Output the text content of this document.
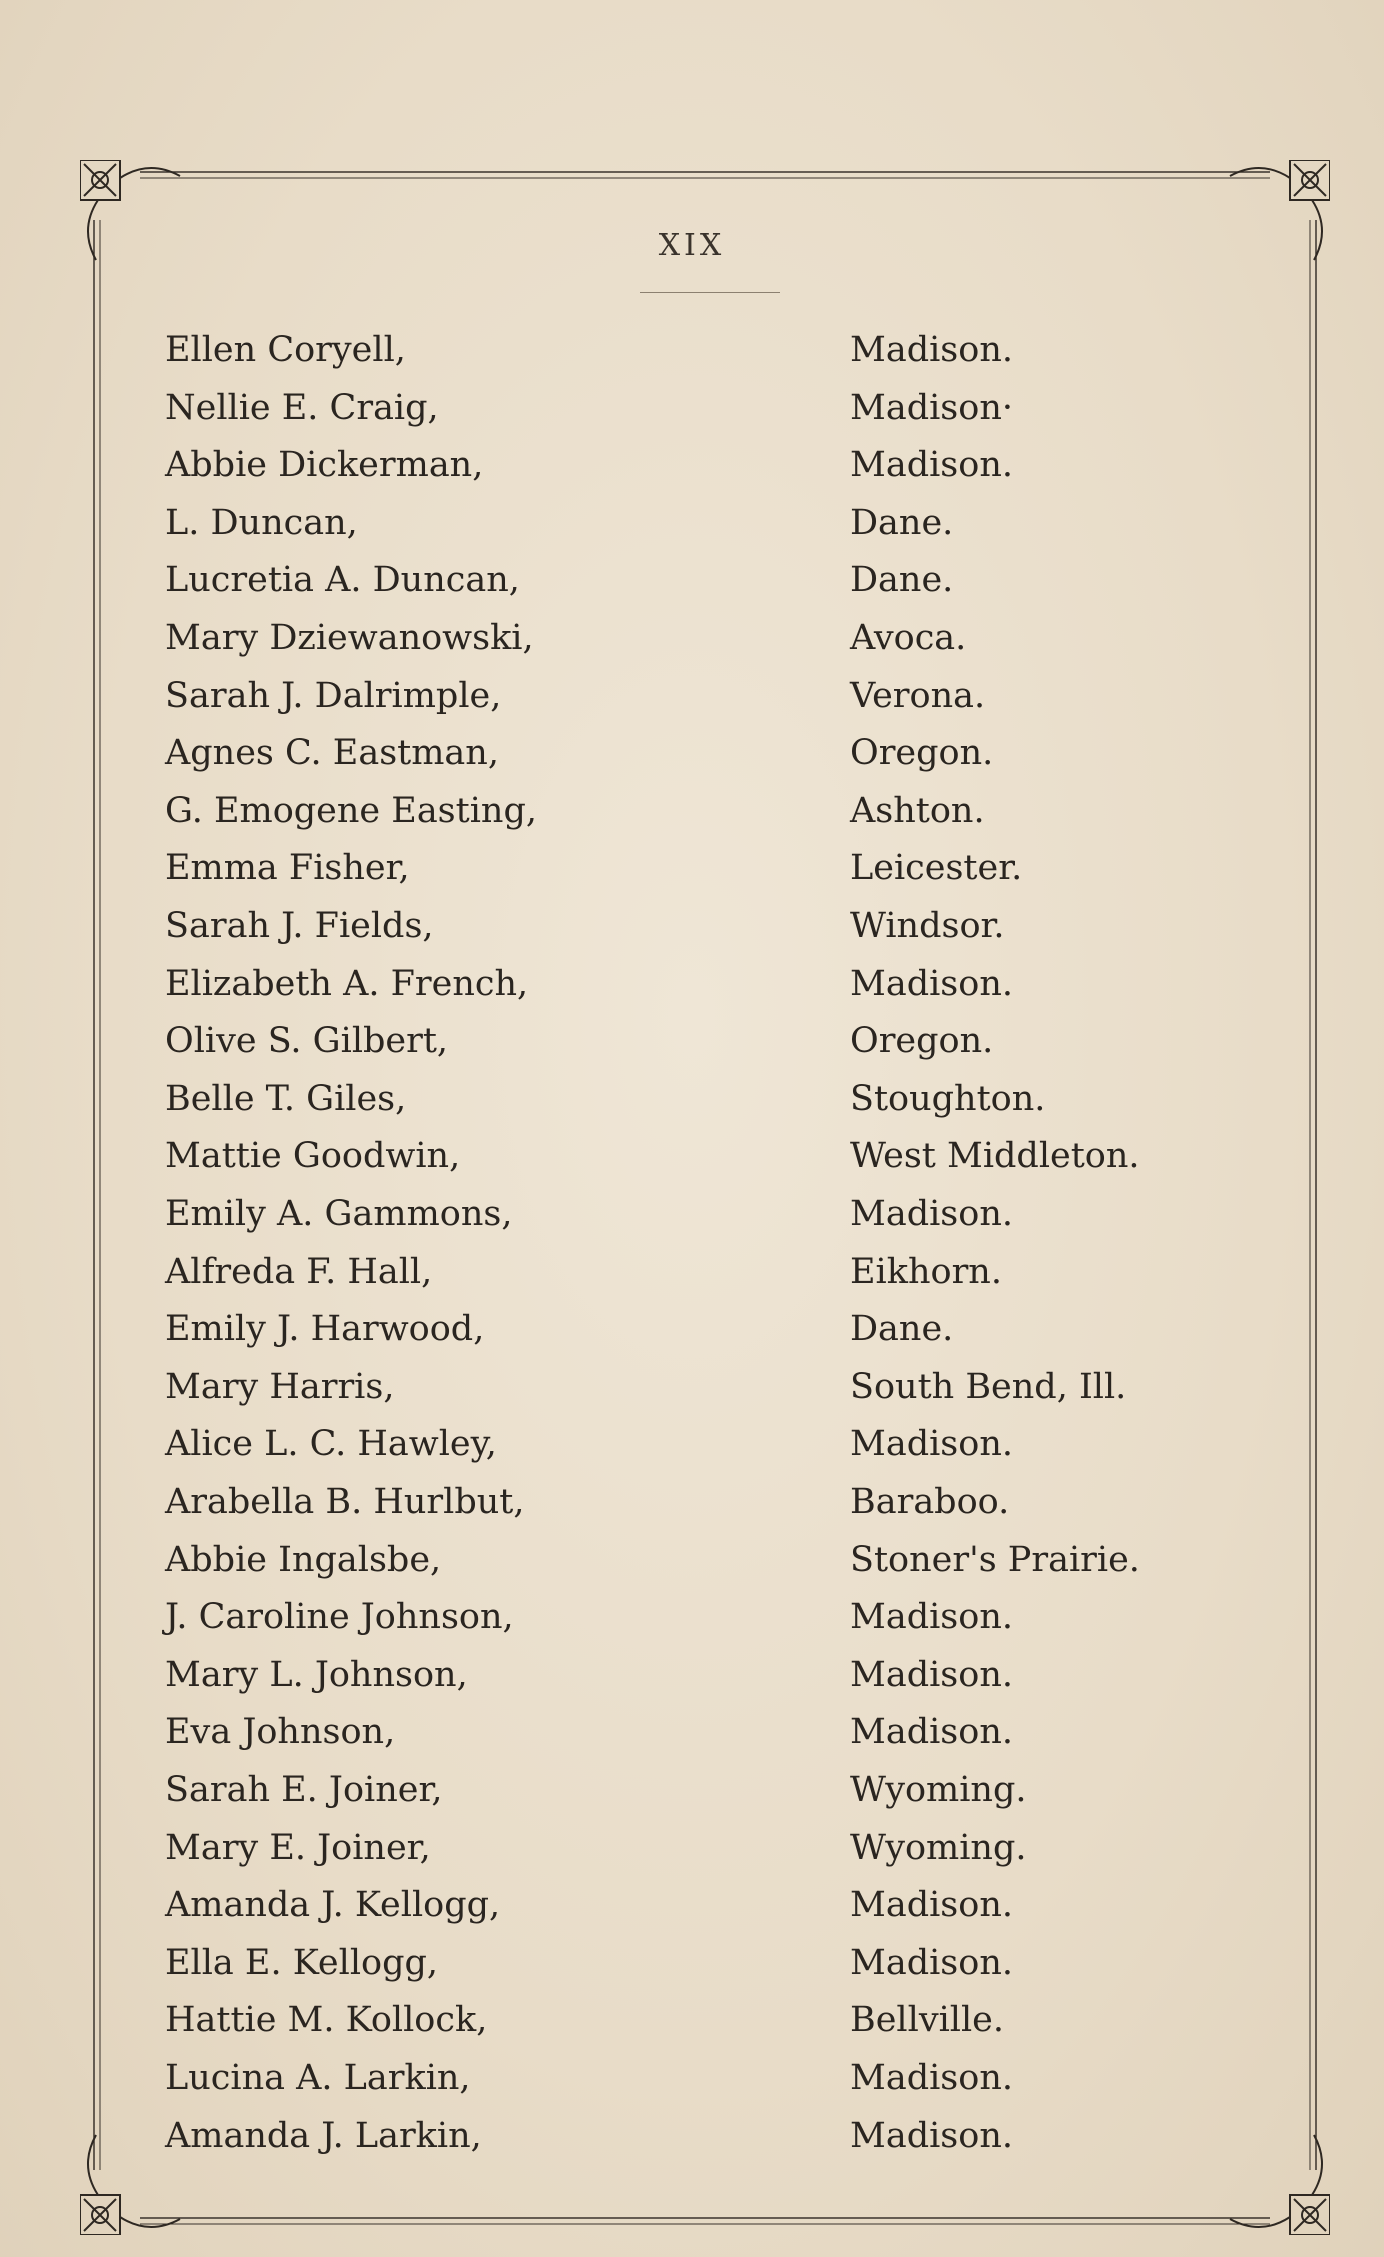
XIX
Ellen Coryell,	Madison.
Nellie E. Craig,	Madison·
Abbie Dickerman,	Madison.
L. Duncan,	Dane.
Lucretia A. Duncan,	Dane.
Mary Dziewanowski,	Avoca.
Sarah J. Dalrimple,	Verona.
Agnes C. Eastman,	Oregon.
G. Emogene Easting,	Ashton.
Emma Fisher,	Leicester.
Sarah J. Fields,	Windsor.
Elizabeth A. French,	Madison.
Olive S. Gilbert,	Oregon.
Belle T. Giles,	Stoughton.
Mattie Goodwin,	West Middleton.
Emily A. Gammons,	Madison.
Alfreda F. Hall,	Eikhorn.
Emily J. Harwood,	Dane.
Mary Harris,	South Bend, Ill.
Alice L. C. Hawley,	Madison.
Arabella B. Hurlbut,	Baraboo.
Abbie Ingalsbe,	Stoner's Prairie.
J. Caroline Johnson,	Madison.
Mary L. Johnson,	Madison.
Eva Johnson,	Madison.
Sarah E. Joiner,	Wyoming.
Mary E. Joiner,	Wyoming.
Amanda J. Kellogg,	Madison.
Ella E. Kellogg,	Madison.
Hattie M. Kollock,	Bellville.
Lucina A. Larkin,	Madison.
Amanda J. Larkin,	Madison.
